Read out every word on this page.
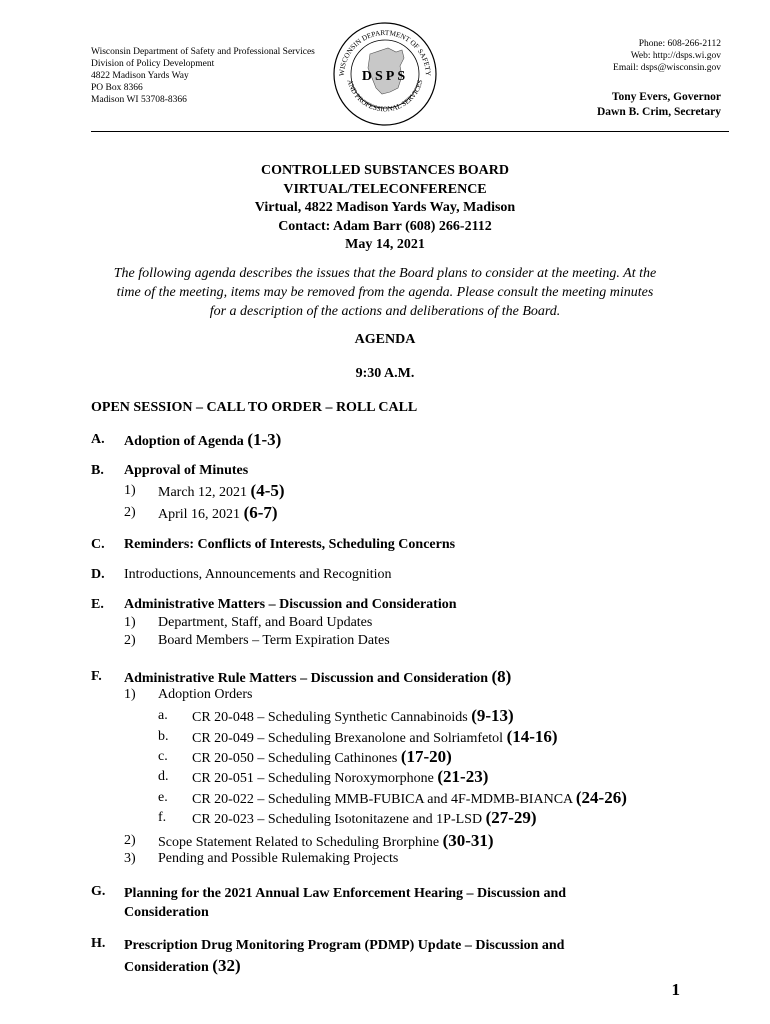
Wisconsin Department of Safety and Professional Services
Division of Policy Development
4822 Madison Yards Way
PO Box 8366
Madison WI 53708-8366
WISCONSIN DEPARTMENT OF SAFETY
AND PROFESSIONAL SERVICES
DSPS
Phone: 608-266-2112
Web: http://dsps.wi.gov
Email: dsps@wisconsin.gov
Tony Evers, Governor
Dawn B. Crim, Secretary
CONTROLLED SUBSTANCES BOARD
VIRTUAL/TELECONFERENCE
Virtual, 4822 Madison Yards Way, Madison
Contact: Adam Barr (608) 266-2112
May 14, 2021
The following agenda describes the issues that the Board plans to consider at the meeting. At the
time of the meeting, items may be removed from the agenda. Please consult the meeting minutes
for a description of the actions and deliberations of the Board.
AGENDA
9:30 A.M.
OPEN SESSION – CALL TO ORDER – ROLL CALL
A. Adoption of Agenda (1-3)
B. Approval of Minutes
1) March 12, 2021 (4-5)
2) April 16, 2021 (6-7)
C. Reminders: Conflicts of Interests, Scheduling Concerns
D. Introductions, Announcements and Recognition
E. Administrative Matters – Discussion and Consideration
1) Department, Staff, and Board Updates
2) Board Members – Term Expiration Dates
F. Administrative Rule Matters – Discussion and Consideration (8)
1) Adoption Orders
a. CR 20-048 – Scheduling Synthetic Cannabinoids (9-13)
b. CR 20-049 – Scheduling Brexanolone and Solriamfetol (14-16)
c. CR 20-050 – Scheduling Cathinones (17-20)
d. CR 20-051 – Scheduling Noroxymorphone (21-23)
e. CR 20-022 – Scheduling MMB-FUBICA and 4F-MDMB-BIANCA (24-26)
f. CR 20-023 – Scheduling Isotonitazene and 1P-LSD (27-29)
2) Scope Statement Related to Scheduling Brorphine (30-31)
3) Pending and Possible Rulemaking Projects
G. Planning for the 2021 Annual Law Enforcement Hearing – Discussion and
Consideration
H. Prescription Drug Monitoring Program (PDMP) Update – Discussion and
Consideration (32)
1
